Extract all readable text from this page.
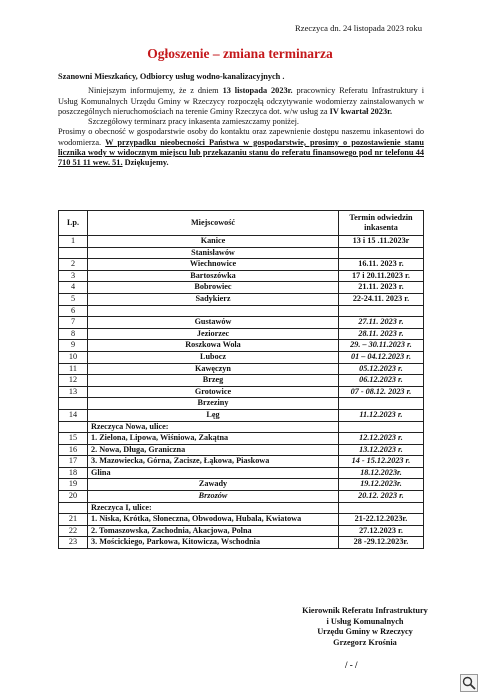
Rzeczyca dn. 24 listopada 2023 roku
Ogłoszenie – zmiana terminarza

Szanowni Mieszkańcy, Odbiorcy usług wodno-kanalizacyjnych .

Niniejszym informujemy, że z dniem 13 listopada 2023r. pracownicy Referatu Infrastruktury i Usług Komunalnych Urzędu Gminy w Rzeczycy rozpoczęłą odczytywanie wodomierzy zainstalowanych w poszczególnych nieruchomościach na terenie Gminy Rzeczyca dot. w/w usług za IV kwartał 2023r.

Szczegółowy terminarz pracy inkasenta zamieszczamy poniżej.

Prosimy o obecność w gospodarstwie osoby do kontaktu oraz zapewnienie dostępu naszemu inkasentowi do wodomierza. W przypadku nieobecności Państwa w gospodarstwie, prosimy o pozostawienie stanu licznika wody w widocznym miejscu lub przekazaniu stanu do referatu finansowego pod nr telefonu 44 710 51 11 wew. 51. Dziękujemy.

Lp.	Miejscowość	Termin odwiedzin inkasenta
1	Kanice	13 i 15 .11.2023r
	Stanisławów	
2	Wiechnowice	16.11. 2023 r.
3	Bartoszówka	17 i 20.11.2023 r.
4	Bobrowiec	21.11. 2023 r.
5	Sadykierz	22-24.11. 2023 r.
6		
7	Gustawów	27.11. 2023 r.
8	Jeziorzec	28.11. 2023 r.
9	Roszkowa Wola	29. – 30.11.2023 r.
10	Lubocz	01 – 04.12.2023 r.
11	Kawęczyn	05.12.2023 r.
12	Brzeg	06.12.2023 r.
13	Grotowice	07 - 08.12. 2023 r.
	Brzeziny	
14	Lęg	11.12.2023 r.
	Rzeczyca Nowa, ulice:	
15	1. Zielona, Lipowa, Wiśniowa, Zakątna	12.12.2023 r.
16	2. Nowa, Długa, Graniczna	13.12.2023 r.
17	3. Mazowiecka, Górna, Zacisze, Łąkowa, Piaskowa	14 - 15.12.2023 r.
18	Glina	18.12.2023r.
19	Zawady	19.12.2023r.
20	Brzozów	20.12. 2023 r.
	Rzeczyca I, ulice:	
21	1. Niska, Krótka, Słoneczna, Obwodowa, Hubala, Kwiatowa	21-22.12.2023r.
22	2. Tomaszowska, Zachodnia, Akacjowa, Polna	27.12.2023 r.
23	3. Mościckiego, Parkowa, Kitowicza, Wschodnia	28 -29.12.2023r.
Kierownik Referatu Infrastruktury
i Usług Komunalnych
Urzędu Gminy w Rzeczycy
Grzegorz Krośnia
/ - /
